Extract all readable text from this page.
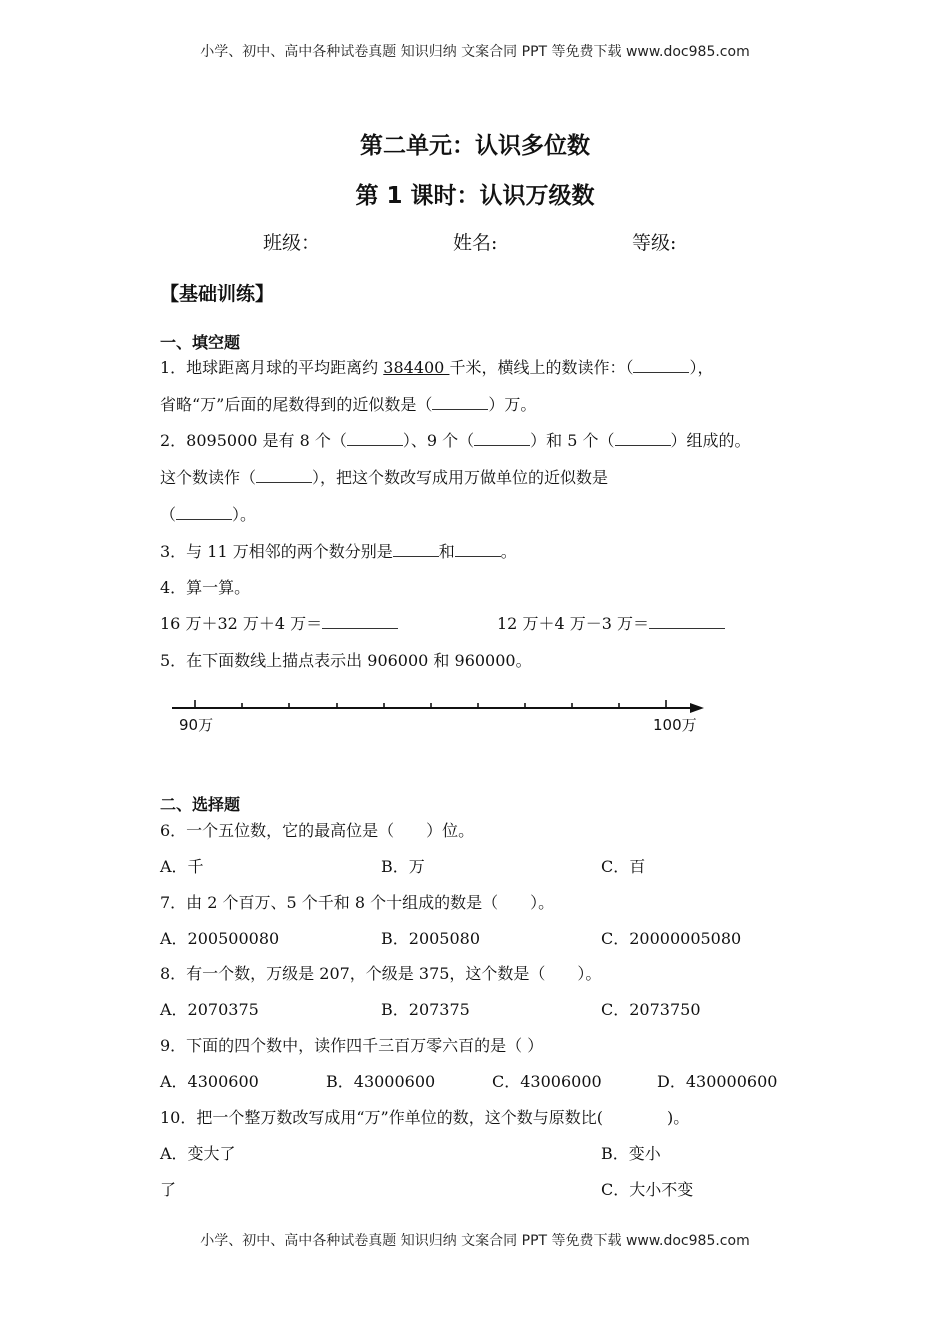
小学、初中、高中各种试卷真题 知识归纳 文案合同 PPT 等免费下载 www.doc985.com
第二单元：认识多位数
第 1 课时：认识万级数
班级：	姓名:	等级:
【基础训练】
一、填空题
1．地球距离月球的平均距离约 384400 千米，横线上的数读作：（	），
省略“万”后面的尾数得到的近似数是（	）万。
2．8095000 是有 8 个（	）、9 个（	）和 5 个（	）组成的。
这个数读作（	），把这个数改写成用万做单位的近似数是
（	）。
3．与 11 万相邻的两个数分别是	和	。
4．算一算。
16 万＋32 万＋4 万＝	12 万＋4 万－3 万＝
5．在下面数线上描点表示出 906000 和 960000。
90万	100万
二、选择题
6．一个五位数，它的最高位是（　　）位。
A．千	B．万	C．百
7．由 2 个百万、5 个千和 8 个十组成的数是（　　）。
A．200500080	B．2005080	C．20000005080
8．有一个数，万级是 207，个级是 375，这个数是（　　）。
A．2070375	B．207375	C．2073750
9．下面的四个数中，读作四千三百万零六百的是（ ）
A．4300600	B．43000600	C．43006000	D．430000600
10．把一个整万数改写成用“万”作单位的数，这个数与原数比(　　　　)。
A．变大了	B．变小
了	C．大小不变
小学、初中、高中各种试卷真题 知识归纳 文案合同 PPT 等免费下载 www.doc985.com
